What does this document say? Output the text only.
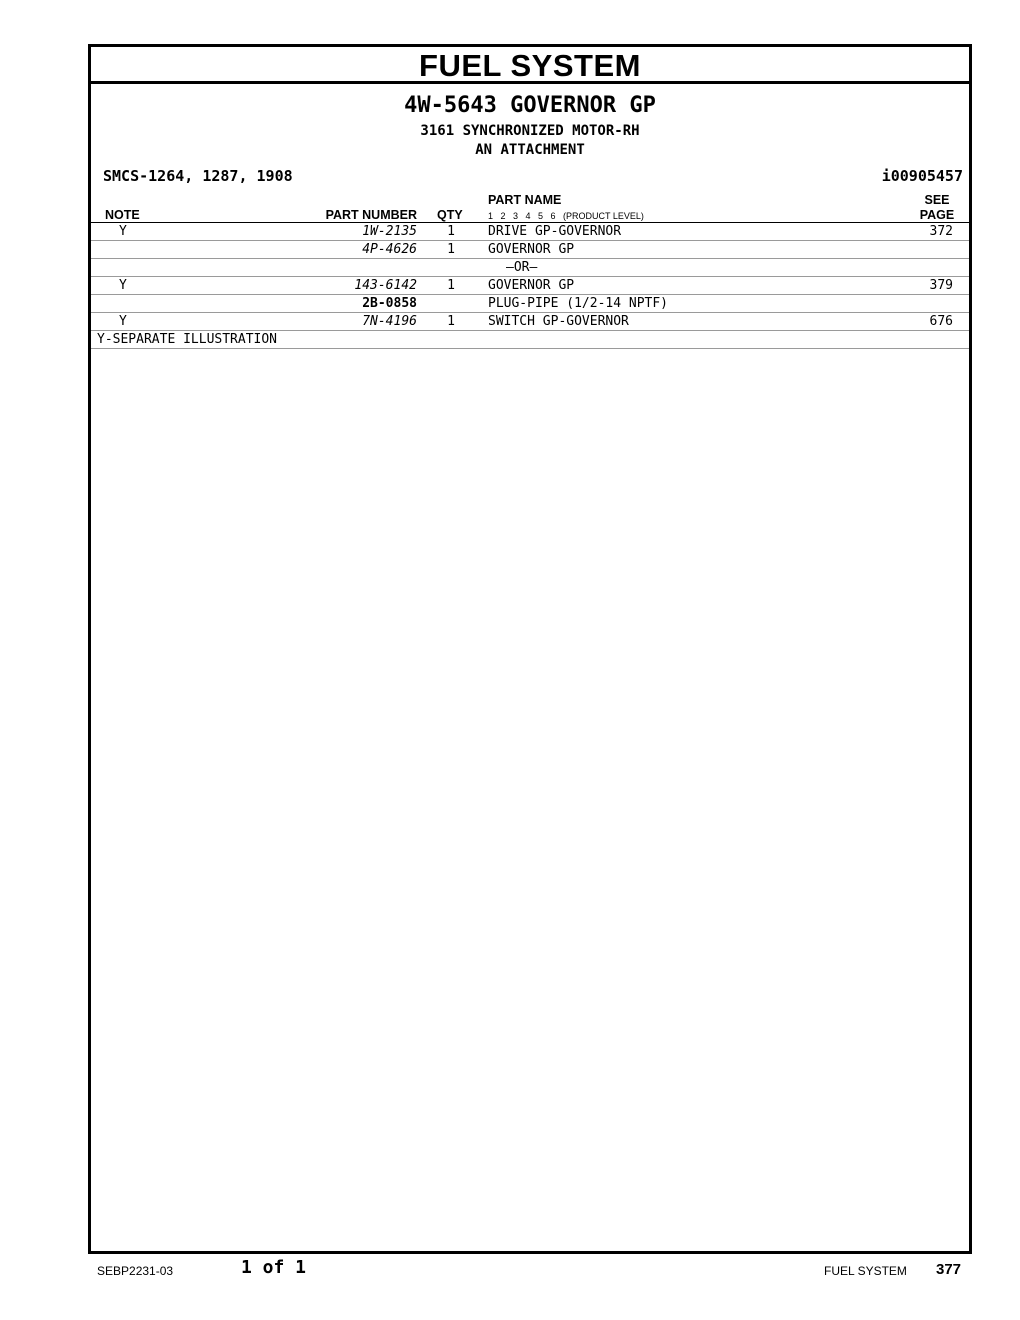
FUEL SYSTEM
4W-5643 GOVERNOR GP
3161 SYNCHRONIZED MOTOR-RH
AN ATTACHMENT
SMCS-1264, 1287, 1908	i00905457
NOTE	PART NUMBER QTY
PART NAME
1   2   3   4   5   6   (PRODUCT LEVEL)
SEE
PAGE
Y	1W-2135	1	DRIVE GP-GOVERNOR	372
4P-4626	1	GOVERNOR GP
—OR—
Y	143-6142	1	GOVERNOR GP	379
2B-0858	PLUG-PIPE (1/2-14 NPTF)
Y	7N-4196	1	SWITCH GP-GOVERNOR	676
Y-SEPARATE ILLUSTRATION
SEBP2231-03	1 of 1	FUEL SYSTEM 377
